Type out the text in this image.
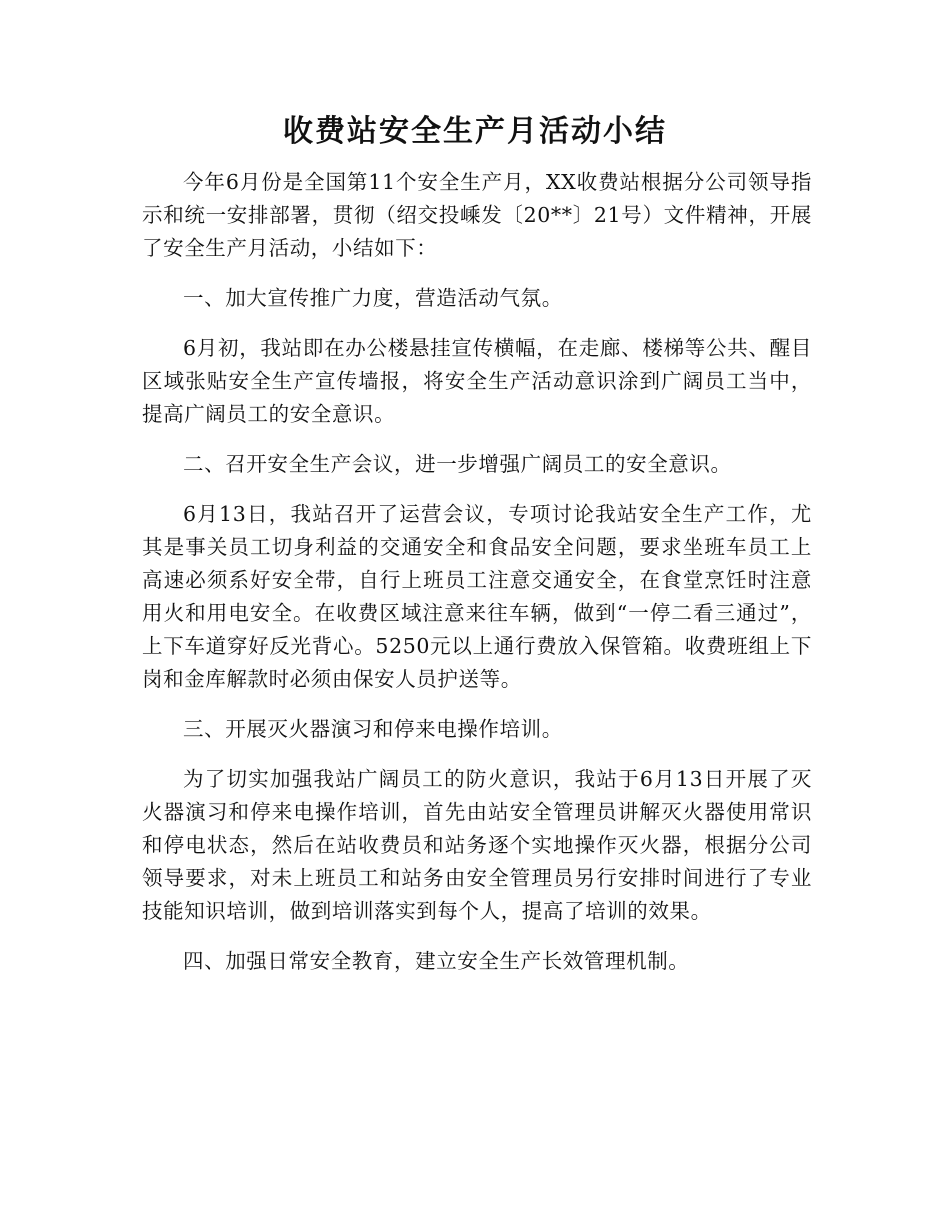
收费站安全生产月活动小结

今年6月份是全国第11个安全生产月，XX收费站根据分公司领导指示和统一安排部署，贯彻（绍交投嵊发〔20**〕21号）文件精神，开展了安全生产月活动，小结如下：

一、加大宣传推广力度，营造活动气氛。

6月初，我站即在办公楼悬挂宣传横幅，在走廊、楼梯等公共、醒目区域张贴安全生产宣传墙报，将安全生产活动意识涂到广阔员工当中，提高广阔员工的安全意识。

二、召开安全生产会议，进一步增强广阔员工的安全意识。

6月13日，我站召开了运营会议，专项讨论我站安全生产工作，尤其是事关员工切身利益的交通安全和食品安全问题，要求坐班车员工上高速必须系好安全带，自行上班员工注意交通安全，在食堂烹饪时注意用火和用电安全。在收费区域注意来往车辆，做到“一停二看三通过”，上下车道穿好反光背心。5250元以上通行费放入保管箱。收费班组上下岗和金库解款时必须由保安人员护送等。

三、开展灭火器演习和停来电操作培训。

为了切实加强我站广阔员工的防火意识，我站于6月13日开展了灭火器演习和停来电操作培训，首先由站安全管理员讲解灭火器使用常识和停电状态，然后在站收费员和站务逐个实地操作灭火器，根据分公司领导要求，对未上班员工和站务由安全管理员另行安排时间进行了专业技能知识培训，做到培训落实到每个人，提高了培训的效果。

四、加强日常安全教育，建立安全生产长效管理机制。
